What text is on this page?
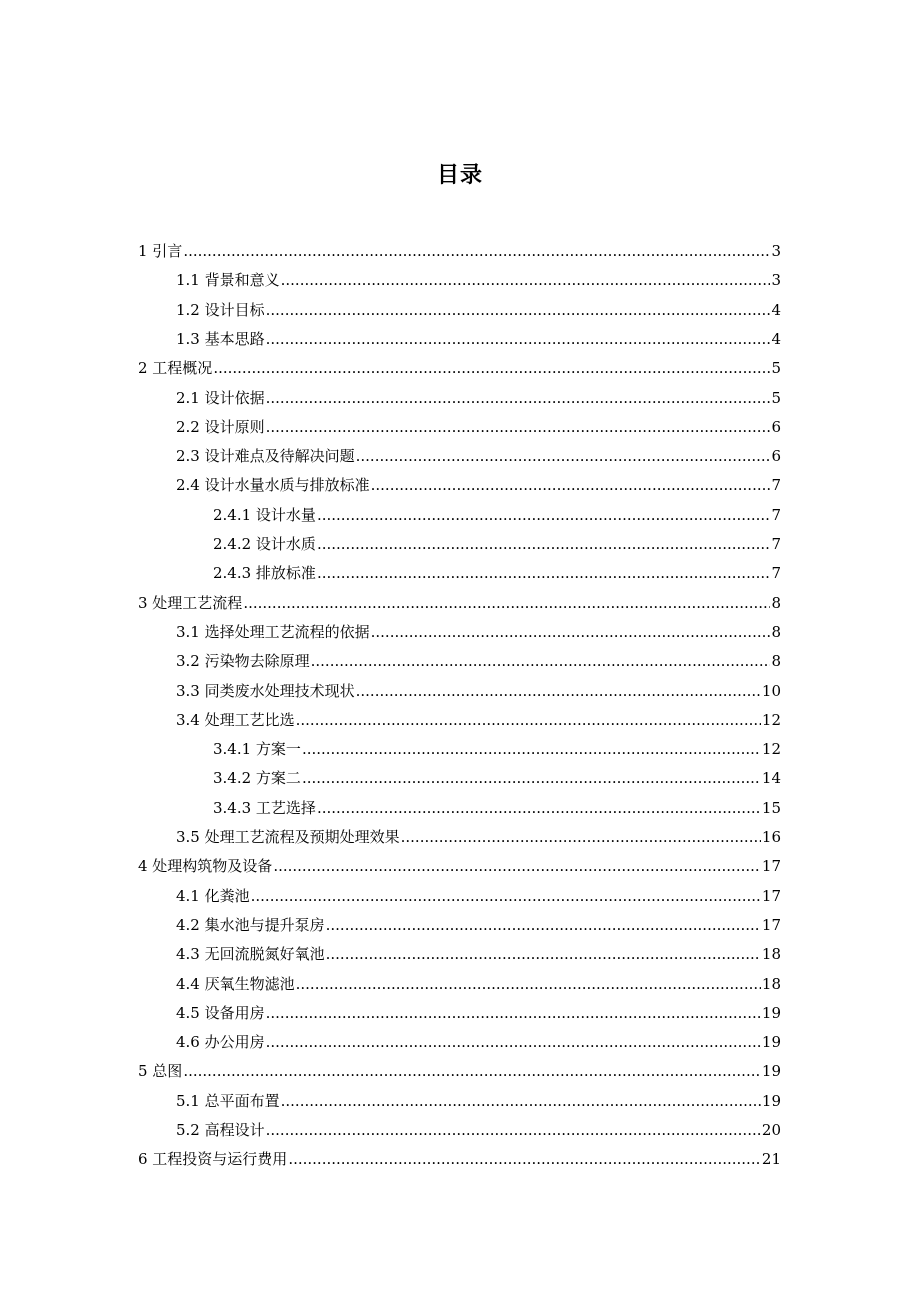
目录
1 引言 .....	3
1.1 背景和意义 .....	3
1.2 设计目标 .....	4
1.3 基本思路 .....	4
2 工程概况 .....	5
2.1 设计依据 .....	5
2.2 设计原则 .....	6
2.3 设计难点及待解决问题 .....	6
2.4 设计水量水质与排放标准 .....	7
2.4.1 设计水量 .....	7
2.4.2 设计水质 .....	7
2.4.3 排放标准 .....	7
3 处理工艺流程 .....	8
3.1 选择处理工艺流程的依据 .....	8
3.2 污染物去除原理 .....	8
3.3 同类废水处理技术现状 .....	10
3.4 处理工艺比选 .....	12
3.4.1 方案一 .....	12
3.4.2 方案二 .....	14
3.4.3 工艺选择 .....	15
3.5 处理工艺流程及预期处理效果 .....	16
4 处理构筑物及设备 .....	17
4.1 化粪池 .....	17
4.2 集水池与提升泵房 .....	17
4.3 无回流脱氮好氧池 .....	18
4.4 厌氧生物滤池 .....	18
4.5 设备用房 .....	19
4.6 办公用房 .....	19
5 总图 .....	19
5.1 总平面布置 .....	19
5.2 高程设计 .....	20
6 工程投资与运行费用 .....	21
